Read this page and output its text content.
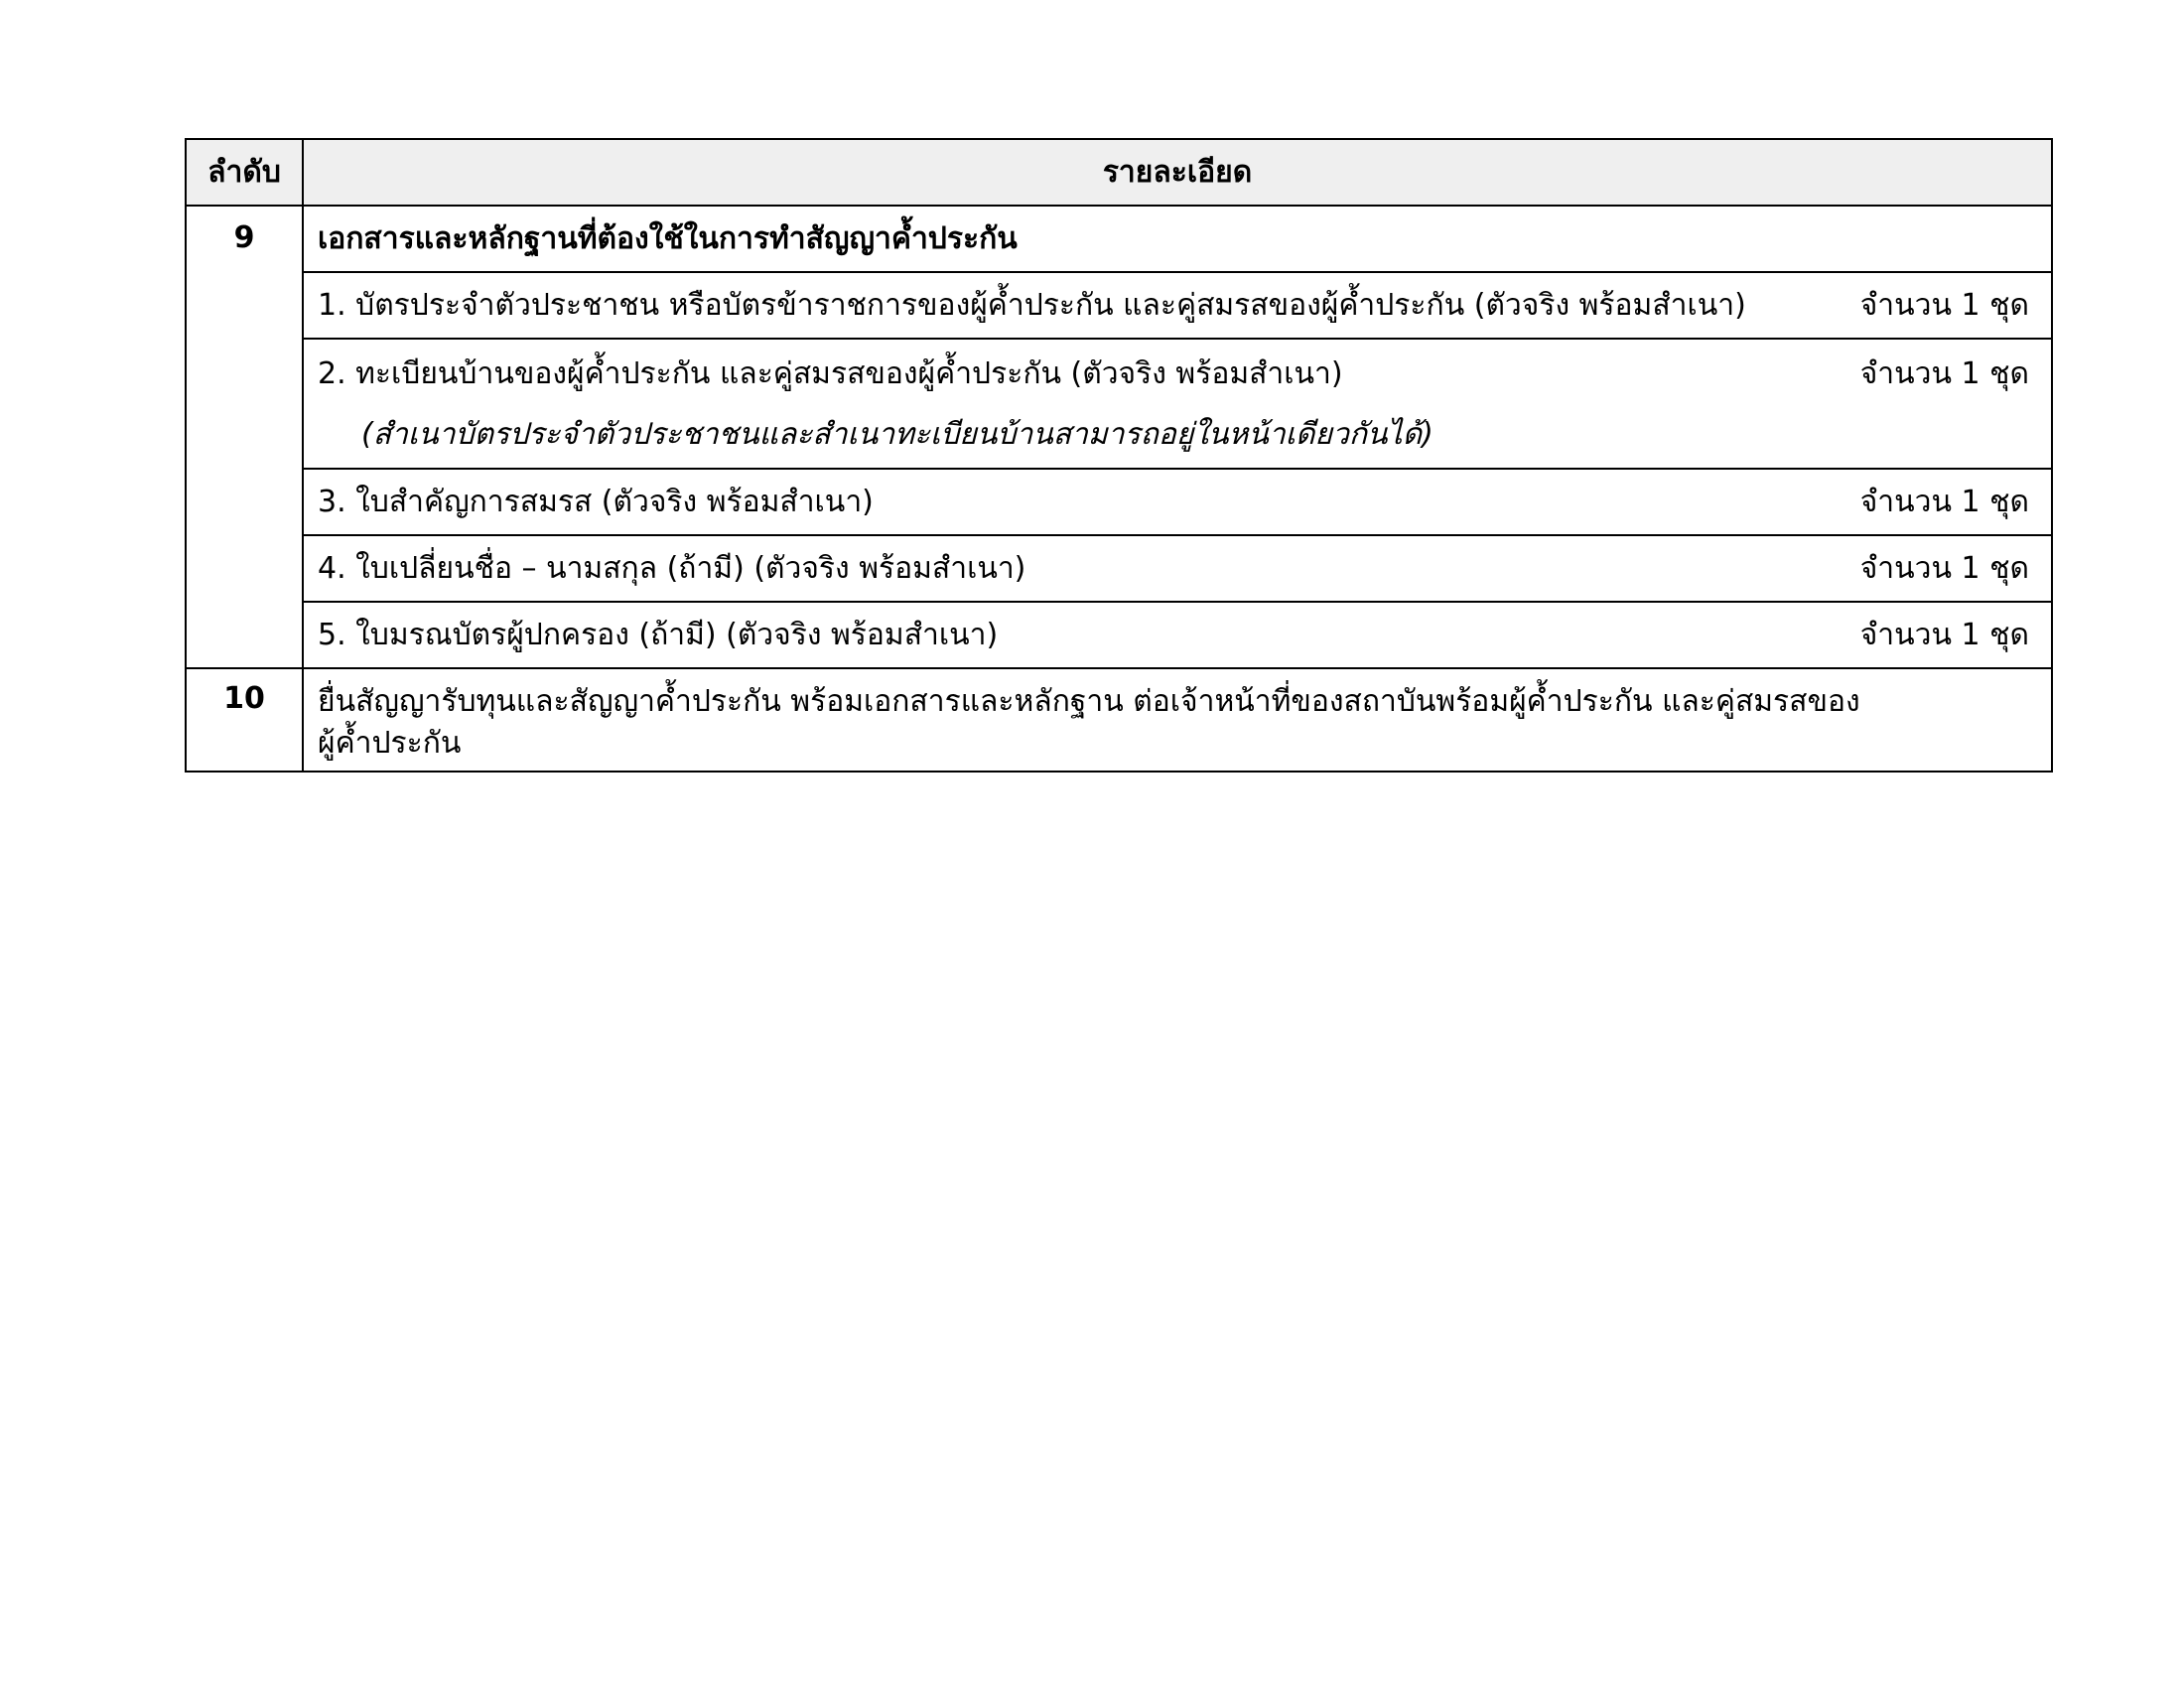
ลำดับ	รายละเอียด
9	เอกสารและหลักฐานที่ต้องใช้ในการทำสัญญาค้ำประกัน

	1. บัตรประจำตัวประชาชน หรือบัตรข้าราชการของผู้ค้ำประกัน และคู่สมรสของผู้ค้ำประกัน (ตัวจริง พร้อมสำเนา) จำนวน 1 ชุด

	2. ทะเบียนบ้านของผู้ค้ำประกัน และคู่สมรสของผู้ค้ำประกัน (ตัวจริง พร้อมสำเนา) จำนวน 1 ชุด
(สำเนาบัตรประจำตัวประชาชนและสำเนาทะเบียนบ้านสามารถอยู่ในหน้าเดียวกันได้)

	3. ใบสำคัญการสมรส (ตัวจริง พร้อมสำเนา) จำนวน 1 ชุด

	4. ใบเปลี่ยนชื่อ – นามสกุล (ถ้ามี) (ตัวจริง พร้อมสำเนา) จำนวน 1 ชุด

	5. ใบมรณบัตรผู้ปกครอง (ถ้ามี) (ตัวจริง พร้อมสำเนา) จำนวน 1 ชุด

10	ยื่นสัญญารับทุนและสัญญาค้ำประกัน พร้อมเอกสารและหลักฐาน ต่อเจ้าหน้าที่ของสถาบันพร้อมผู้ค้ำประกัน และคู่สมรสของ
ผู้ค้ำประกัน
